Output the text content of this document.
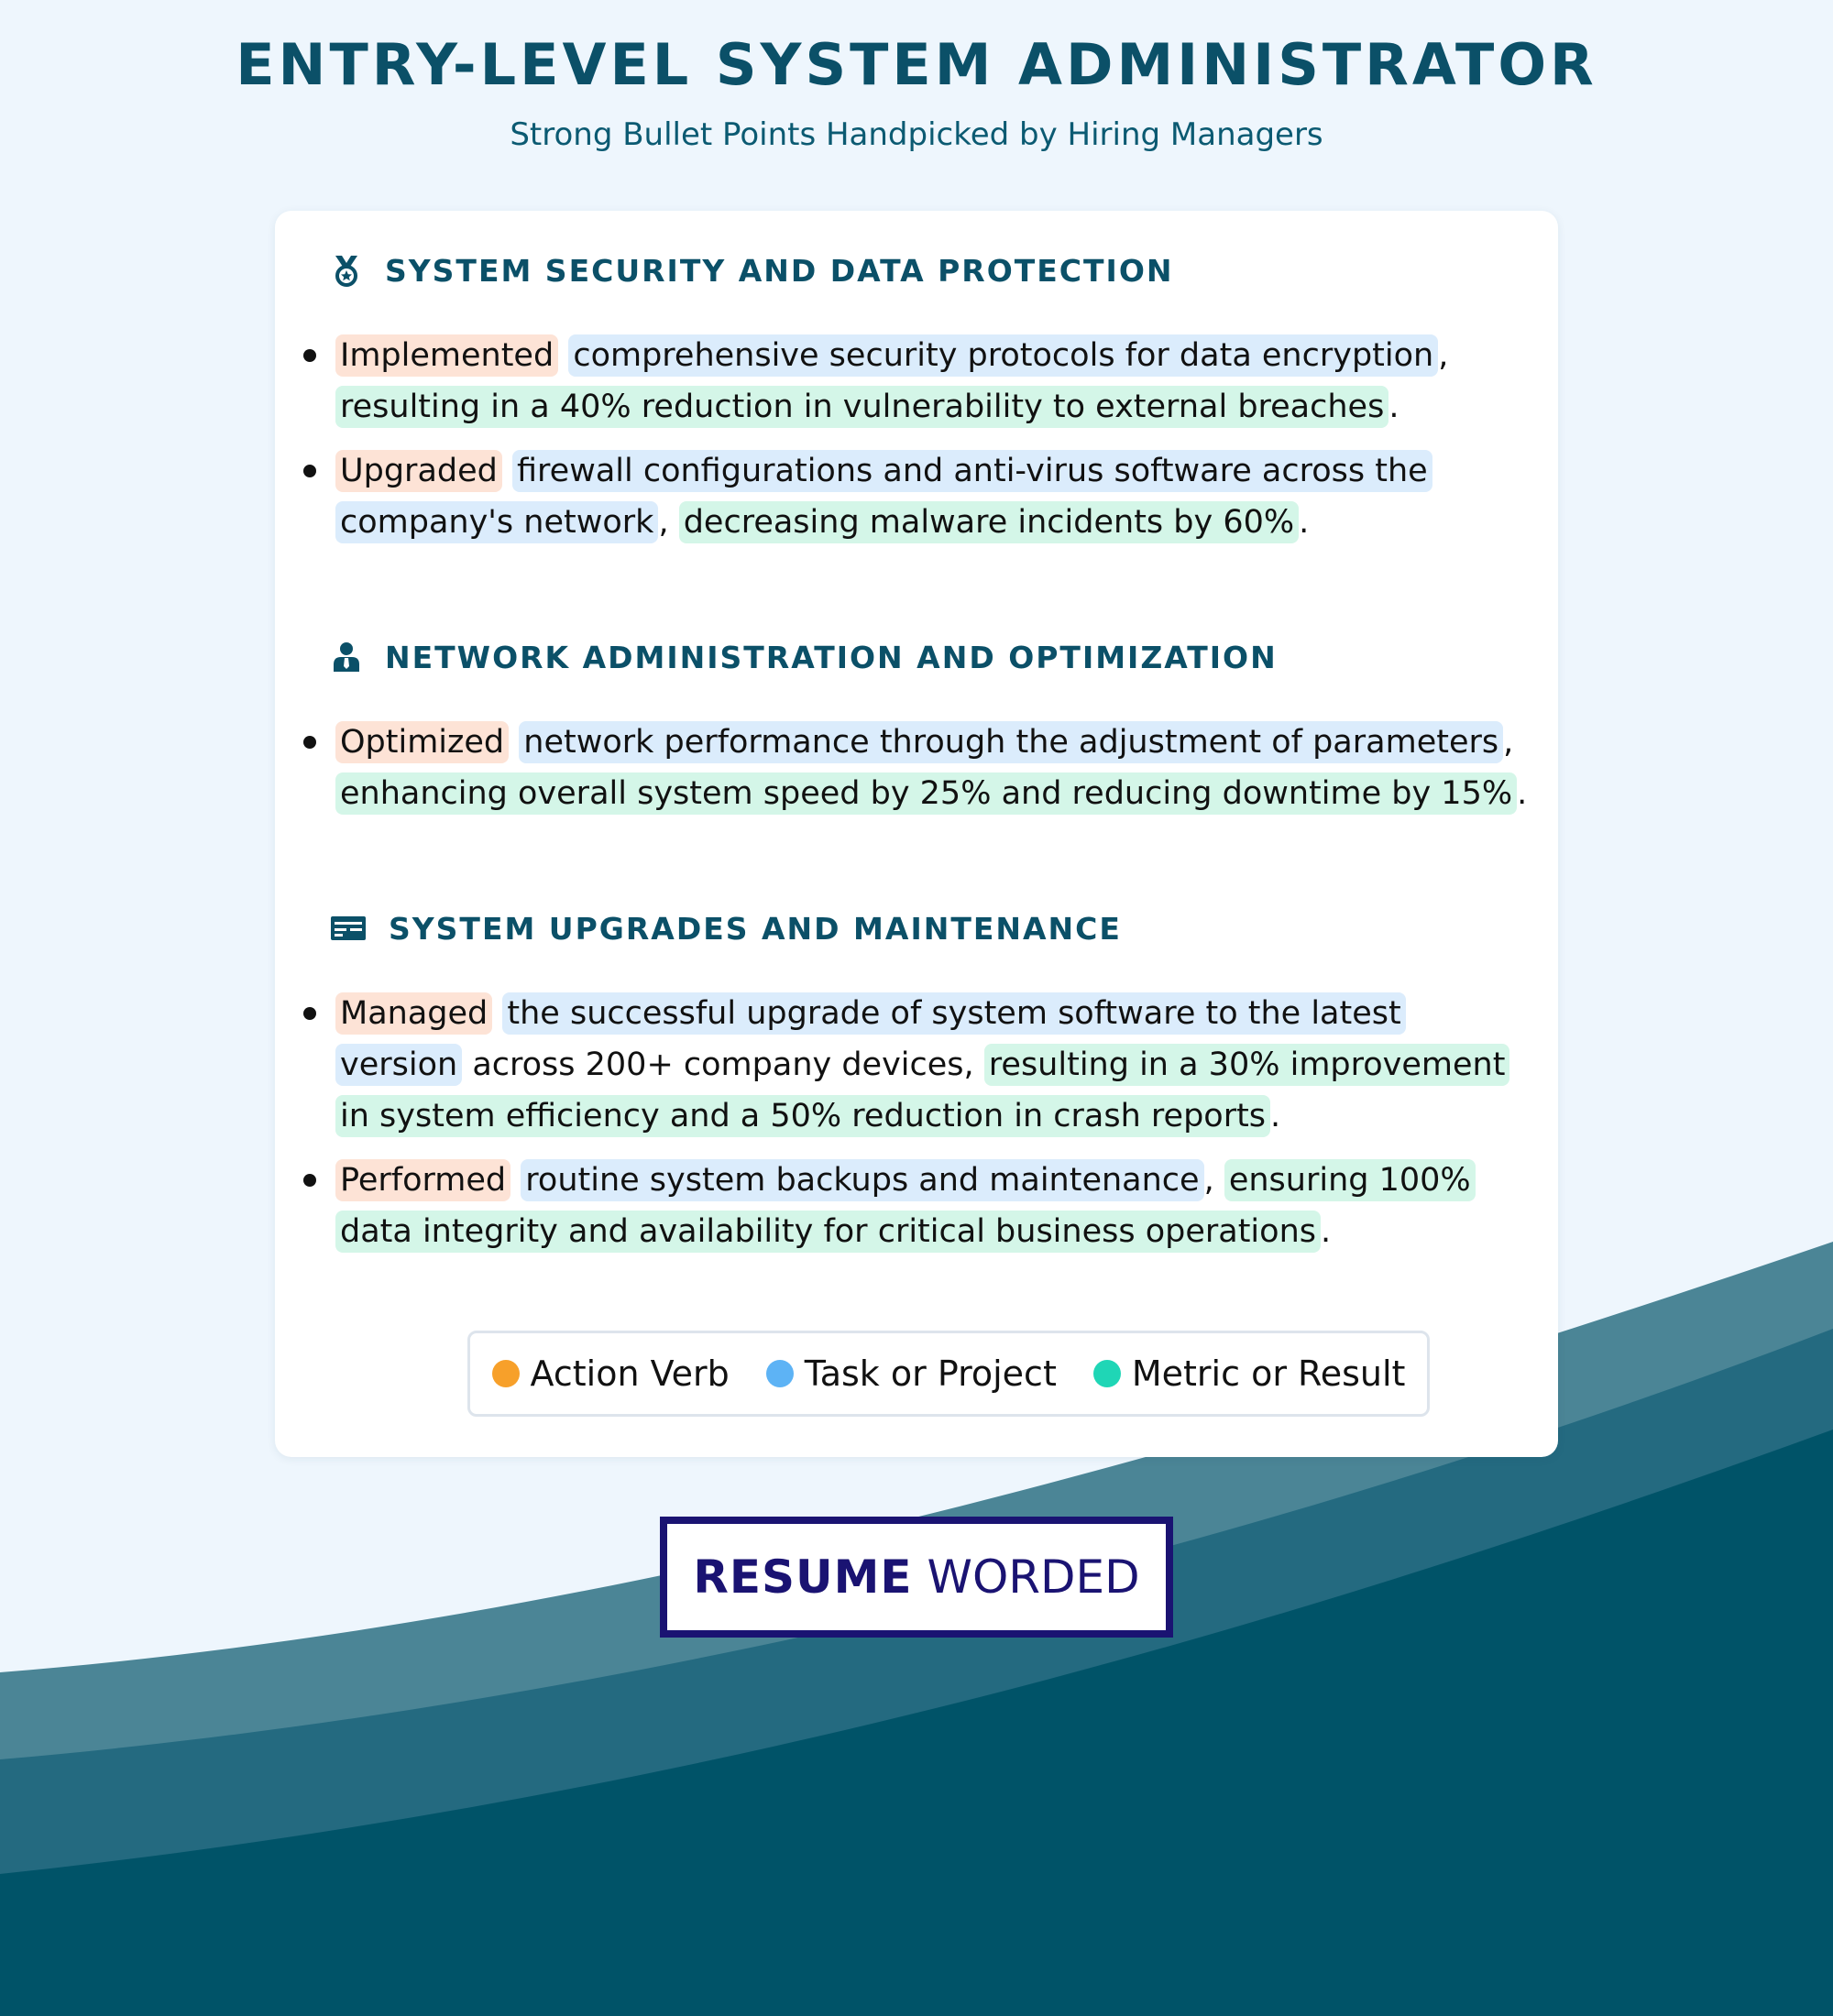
ENTRY-LEVEL SYSTEM ADMINISTRATOR
Strong Bullet Points Handpicked by Hiring Managers
SYSTEM SECURITY AND DATA PROTECTION
Implemented comprehensive security protocols for data encryption , resulting in a 40% reduction in vulnerability to external breaches .
Upgraded firewall configurations and anti-virus software across the company's network , decreasing malware incidents by 60% .
NETWORK ADMINISTRATION AND OPTIMIZATION
Optimized network performance through the adjustment of parameters , enhancing overall system speed by 25% and reducing downtime by 15% .
SYSTEM UPGRADES AND MAINTENANCE
Managed the successful upgrade of system software to the latest version across 200+ company devices, resulting in a 30% improvement in system efficiency and a 50% reduction in crash reports .
Performed routine system backups and maintenance , ensuring 100% data integrity and availability for critical business operations .
Action Verb Task or Project Metric or Result
RESUME WORDED
